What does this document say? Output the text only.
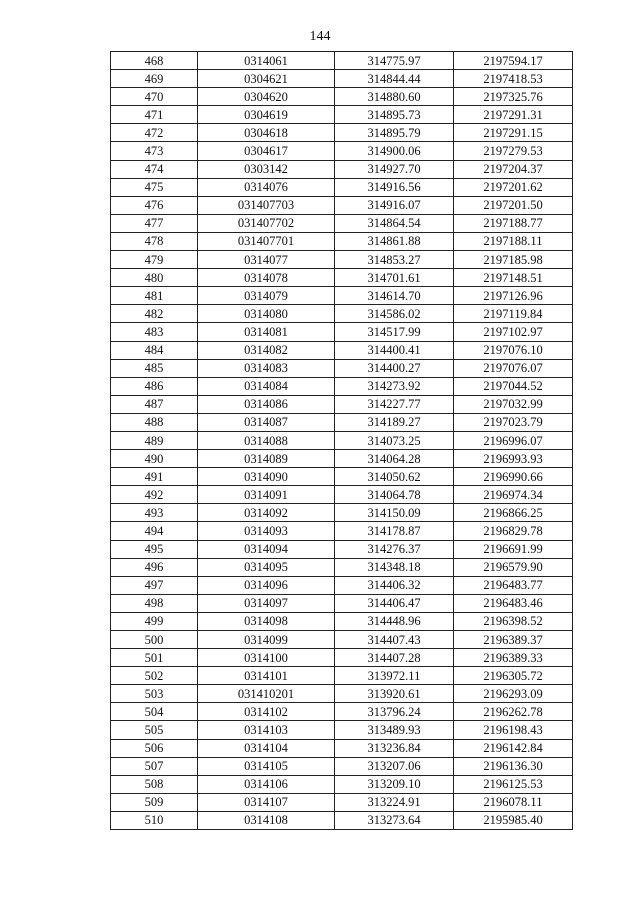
144
468	0314061	314775.97	2197594.17
469	0304621	314844.44	2197418.53
470	0304620	314880.60	2197325.76
471	0304619	314895.73	2197291.31
472	0304618	314895.79	2197291.15
473	0304617	314900.06	2197279.53
474	0303142	314927.70	2197204.37
475	0314076	314916.56	2197201.62
476	031407703	314916.07	2197201.50
477	031407702	314864.54	2197188.77
478	031407701	314861.88	2197188.11
479	0314077	314853.27	2197185.98
480	0314078	314701.61	2197148.51
481	0314079	314614.70	2197126.96
482	0314080	314586.02	2197119.84
483	0314081	314517.99	2197102.97
484	0314082	314400.41	2197076.10
485	0314083	314400.27	2197076.07
486	0314084	314273.92	2197044.52
487	0314086	314227.77	2197032.99
488	0314087	314189.27	2197023.79
489	0314088	314073.25	2196996.07
490	0314089	314064.28	2196993.93
491	0314090	314050.62	2196990.66
492	0314091	314064.78	2196974.34
493	0314092	314150.09	2196866.25
494	0314093	314178.87	2196829.78
495	0314094	314276.37	2196691.99
496	0314095	314348.18	2196579.90
497	0314096	314406.32	2196483.77
498	0314097	314406.47	2196483.46
499	0314098	314448.96	2196398.52
500	0314099	314407.43	2196389.37
501	0314100	314407.28	2196389.33
502	0314101	313972.11	2196305.72
503	031410201	313920.61	2196293.09
504	0314102	313796.24	2196262.78
505	0314103	313489.93	2196198.43
506	0314104	313236.84	2196142.84
507	0314105	313207.06	2196136.30
508	0314106	313209.10	2196125.53
509	0314107	313224.91	2196078.11
510	0314108	313273.64	2195985.40
